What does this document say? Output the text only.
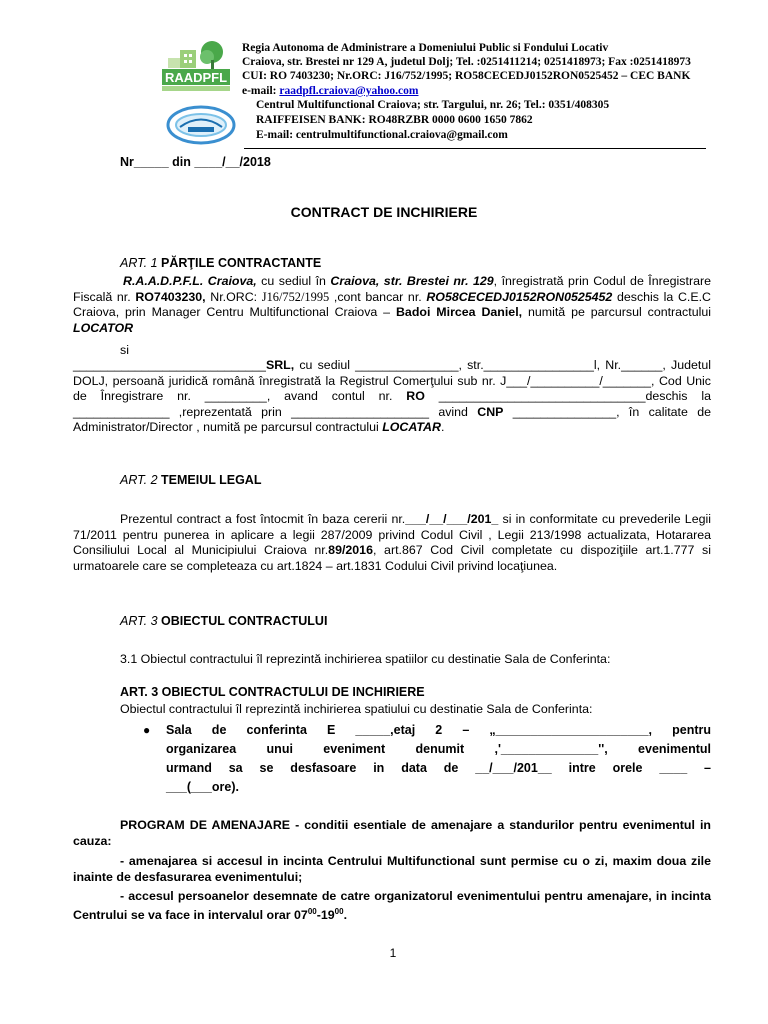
RAADPFL
Regia Autonoma de Administrare a Domeniului Public si Fondului Locativ
Craiova, str. Brestei nr 129 A, judetul Dolj; Tel. :0251411214; 0251418973; Fax :0251418973
CUI: RO 7403230; Nr.ORC: J16/752/1995; RO58CECEDJ0152RON0525452 – CEC BANK
e-mail: raadpfl.craiova@yahoo.com
Centrul Multifunctional Craiova; str. Targului, nr. 26; Tel.: 0351/408305
RAIFFEISEN BANK: RO48RZBR 0000 0600 1650 7862
E-mail: centrulmultifunctional.craiova@gmail.com
Nr_____ din ____/__/2018
CONTRACT DE INCHIRIERE
ART. 1 PĂRŢILE CONTRACTANTE
R.A.A.D.P.F.L. Craiova, cu sediul în Craiova, str. Brestei nr. 129, înregistrată prin Codul de Înregistrare Fiscală nr. RO7403230, Nr.ORC: J16/752/1995 ,cont bancar nr. RO58CECEDJ0152RON0525452 deschis la C.E.C Craiova, prin Manager Centru Multifunctional Craiova – Badoi Mircea Daniel, numită pe parcursul contractului LOCATOR
si
____________________________SRL, cu sediul _______________, str.________________l, Nr.______, Judetul DOLJ, persoană juridică română înregistrată la Registrul Comerţului sub nr. J___/__________/_______, Cod Unic de Înregistrare nr. _________, avand contul nr. RO ______________________________deschis la ______________ ,reprezentată prin ____________________ avind CNP _______________, în calitate de Administrator/Director , numită pe parcursul contractului LOCATAR.
ART. 2 TEMEIUL LEGAL
Prezentul contract a fost întocmit în baza cererii nr.___/__/___/201_ si in conformitate cu prevederile Legii 71/2011 pentru punerea in aplicare a legii 287/2009 privind Codul Civil , Legii 213/1998 actualizata, Hotararea Consiliului Local al Municipiului Craiova nr.89/2016, art.867 Cod Civil completate cu dispoziţiile art.1.777 si urmatoarele care se completeaza cu art.1824 – art.1831 Codului Civil privind locaţiunea.
ART. 3 OBIECTUL CONTRACTULUI
3.1 Obiectul contractului îl reprezintă inchirierea spatiilor cu destinatie Sala de Conferinta:
ART. 3 OBIECTUL CONTRACTULUI DE INCHIRIERE
Obiectul contractului îl reprezintă inchirierea spatiului cu destinatie Sala de Conferinta:
● Sala de conferinta E _____,etaj 2 – „______________________, pentru
organizarea unui eveniment denumit ,'______________'', evenimentul
urmand sa se desfasoare in data de __/___/201__ intre orele ____ –
___(___ore).
PROGRAM DE AMENAJARE - conditii esentiale de amenajare a standurilor pentru evenimentul in cauza:
- amenajarea si accesul in incinta Centrului Multifunctional sunt permise cu o zi, maxim doua zile inainte de desfasurarea evenimentului;
- accesul persoanelor desemnate de catre organizatorul evenimentului pentru amenajare, in incinta Centrului se va face in intervalul orar $07^{00}-19^{00}$.
1
